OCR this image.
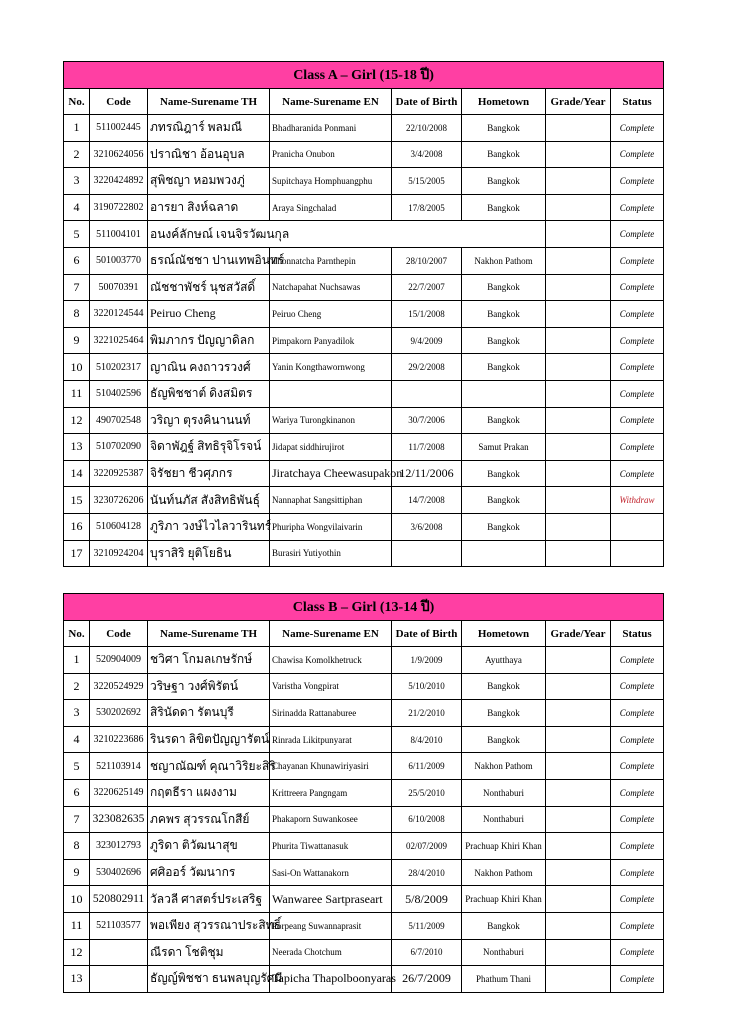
Class A – Girl (15-18 ปี)							
No.	Code	Name-Surename TH	Name-Surename EN	Date of Birth	Hometown	Grade/Year	Status
1	511002445	ภทรณิฎาร์ พลมณี	Bhadharanida Ponmani	22/10/2008	Bangkok		Complete
2	3210624056	ปราณิชา อ้อนอุบล	Pranicha Onubon	3/4/2008	Bangkok		Complete
3	3220424892	สุพิชญา หอมพวงภู่	Supitchaya Homphuangphu	5/15/2005	Bangkok		Complete
4	3190722802	อารยา สิงห์ฉลาด	Araya Singchalad	17/8/2005	Bangkok		Complete
5	511004101	อนงค์ลักษณ์ เจนจิรวัฒนกุล					Complete
6	501003770	ธรณ์ณัชชา ปานเทพอินทร์	Thonnatcha Parnthepin	28/10/2007	Nakhon Pathom		Complete
7	50070391	ณัชชาพัชร์ นุชสวัสดิ์	Natchapahat Nuchsawas	22/7/2007	Bangkok		Complete
8	3220124544	Peiruo Cheng	Peiruo Cheng	15/1/2008	Bangkok		Complete
9	3221025464	พิมภากร ปัญญาดิลก	Pimpakorn Panyadilok	9/4/2009	Bangkok		Complete
10	510202317	ญาณิน คงถาวรวงศ์	Yanin Kongthawornwong	29/2/2008	Bangkok		Complete
11	510402596	ธัญพิชชาต์ ดิงสมิตร					Complete
12	490702548	วริญา ตุรงคินานนท์	Wariya Turongkinanon	30/7/2006	Bangkok		Complete
13	510702090	จิดาพัฎฐ์ สิทธิรุจิโรจน์	Jidapat siddhirujirot	11/7/2008	Samut Prakan		Complete
14	3220925387	จิรัชยา ชีวศุภกร	Jiratchaya Cheewasupakon	12/11/2006	Bangkok		Complete
15	3230726206	นันท์นภัส สังสิทธิพันธุ์	Nannaphat Sangsittiphan	14/7/2008	Bangkok		Withdraw
16	510604128	ภูริภา วงษ์ไวไลวารินทร์	Phuripha Wongvilaivarin	3/6/2008	Bangkok		
17	3210924204	บุราสิริ ยุติโยธิน	Burasiri Yutiyothin				
Class B – Girl (13-14 ปี)							
No.	Code	Name-Surename TH	Name-Surename EN	Date of Birth	Hometown	Grade/Year	Status
1	520904009	ชวิศา โกมลเกษรักษ์	Chawisa Komolkhetruck	1/9/2009	Ayutthaya		Complete
2	3220524929	วริษฐา วงศ์พิรัตน์	Varistha Vongpirat	5/10/2010	Bangkok		Complete
3	530202692	สิรินัดดา รัตนบุรี	Sirinadda Rattanaburee	21/2/2010	Bangkok		Complete
4	3210223686	รินรดา ลิขิตปัญญารัตน์	Rinrada Likitpunyarat	8/4/2010	Bangkok		Complete
5	521103914	ชญาณัฌฑ์ คุณาวิริยะสิริ	Chayanan Khunawiriyasiri	6/11/2009	Nakhon Pathom		Complete
6	3220625149	กฤตธีรา แผงงาม	Krittreera Pangngam	25/5/2010	Nonthaburi		Complete
7	323082635	ภคพร สุวรรณโกสีย์	Phakaporn Suwankosee	6/10/2008	Nonthaburi		Complete
8	323012793	ภูริดา ติวัฒนาสุข	Phurita Tiwattanasuk	02/07/2009	Prachuap Khiri Khan		Complete
9	530402696	ศศิออร์ วัฒนากร	Sasi-On Wattanakorn	28/4/2010	Nakhon Pathom		Complete
10	520802911	วัลวลี ศาสตร์ประเสริฐ	Wanwaree Sartpraseart	5/8/2009	Prachuap Khiri Khan		Complete
11	521103577	พอเพียง สุวรรณาประสิทธิ์	Porpeang Suwannaprasit	5/11/2009	Bangkok		Complete
12		ณีรดา โชติชุม	Neerada Chotchum	6/7/2010	Nonthaburi		Complete
13		ธัญญ์พิชชา ธนพลบุญรัศมี	Tapicha Thapolboonyaras	26/7/2009	Phathum Thani		Complete
